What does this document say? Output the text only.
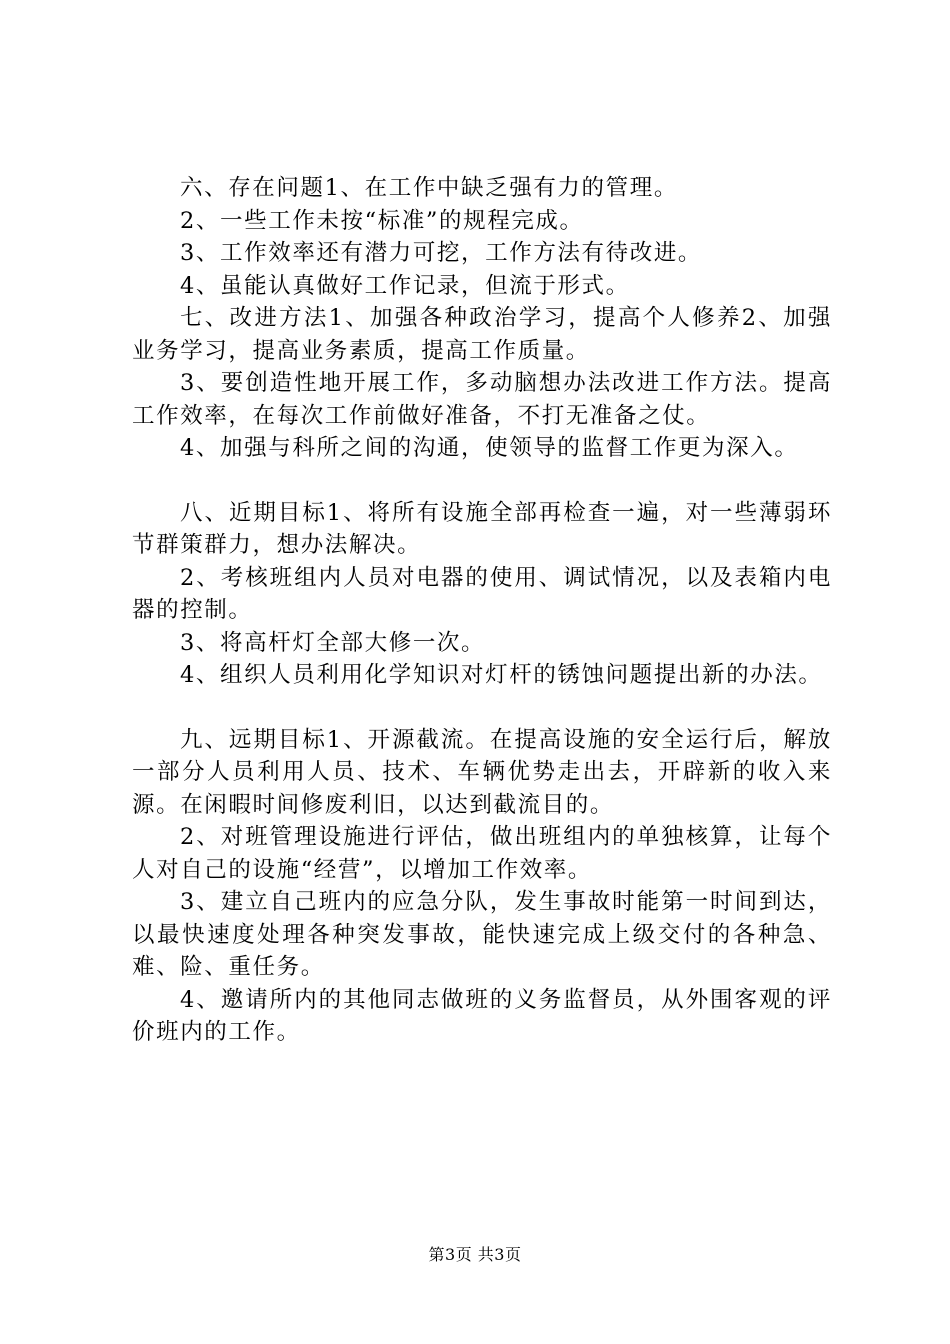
六、存在问题1、在工作中缺乏强有力的管理。

2、一些工作未按“标准”的规程完成。

3、工作效率还有潜力可挖，工作方法有待改进。

4、虽能认真做好工作记录，但流于形式。

七、改进方法1、加强各种政治学习，提高个人修养2、加强业务学习，提高业务素质，提高工作质量。

3、要创造性地开展工作，多动脑想办法改进工作方法。提高工作效率，在每次工作前做好准备，不打无准备之仗。

4、加强与科所之间的沟通，使领导的监督工作更为深入。

八、近期目标1、将所有设施全部再检查一遍，对一些薄弱环节群策群力，想办法解决。

2、考核班组内人员对电器的使用、调试情况，以及表箱内电器的控制。

3、将高杆灯全部大修一次。

4、组织人员利用化学知识对灯杆的锈蚀问题提出新的办法。

九、远期目标1、开源截流。在提高设施的安全运行后，解放一部分人员利用人员、技术、车辆优势走出去，开辟新的收入来源。在闲暇时间修废利旧，以达到截流目的。

2、对班管理设施进行评估，做出班组内的单独核算，让每个人对自己的设施“经营”，以增加工作效率。

3、建立自己班内的应急分队，发生事故时能第一时间到达，以最快速度处理各种突发事故，能快速完成上级交付的各种急、难、险、重任务。

4、邀请所内的其他同志做班的义务监督员，从外围客观的评价班内的工作。

第3页 共3页
